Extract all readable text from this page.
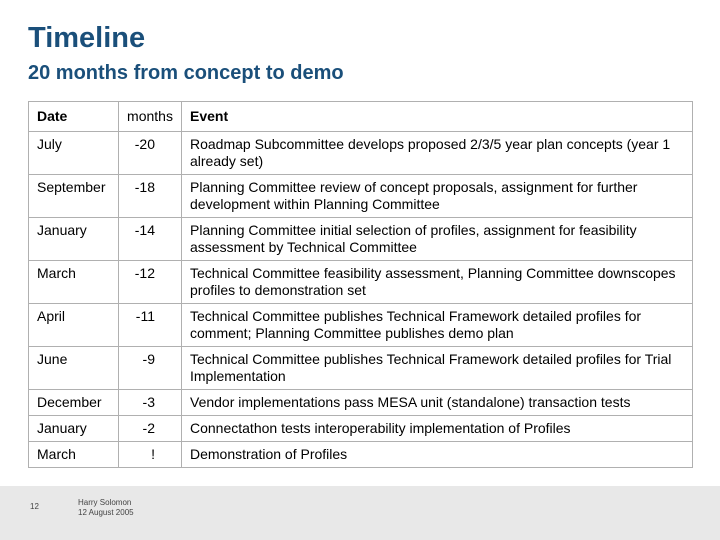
Timeline
20 months from concept to demo
Date	months	Event
July	-20	Roadmap Subcommittee develops proposed 2/3/5 year plan concepts (year 1 already set)
September	-18	Planning Committee review of concept proposals, assignment for further development within Planning Committee
January	-14	Planning Committee initial selection of profiles, assignment for feasibility assessment by Technical Committee
March	-12	Technical Committee feasibility assessment, Planning Committee downscopes profiles to demonstration set
April	-11	Technical Committee publishes Technical Framework detailed profiles for comment; Planning Committee publishes demo plan
June	-9	Technical Committee publishes Technical Framework detailed profiles for Trial Implementation
December	-3	Vendor implementations pass MESA unit (standalone) transaction tests
January	-2	Connectathon tests interoperability implementation of Profiles
March	!	Demonstration of Profiles
12	Harry Solomon
12 August 2005
